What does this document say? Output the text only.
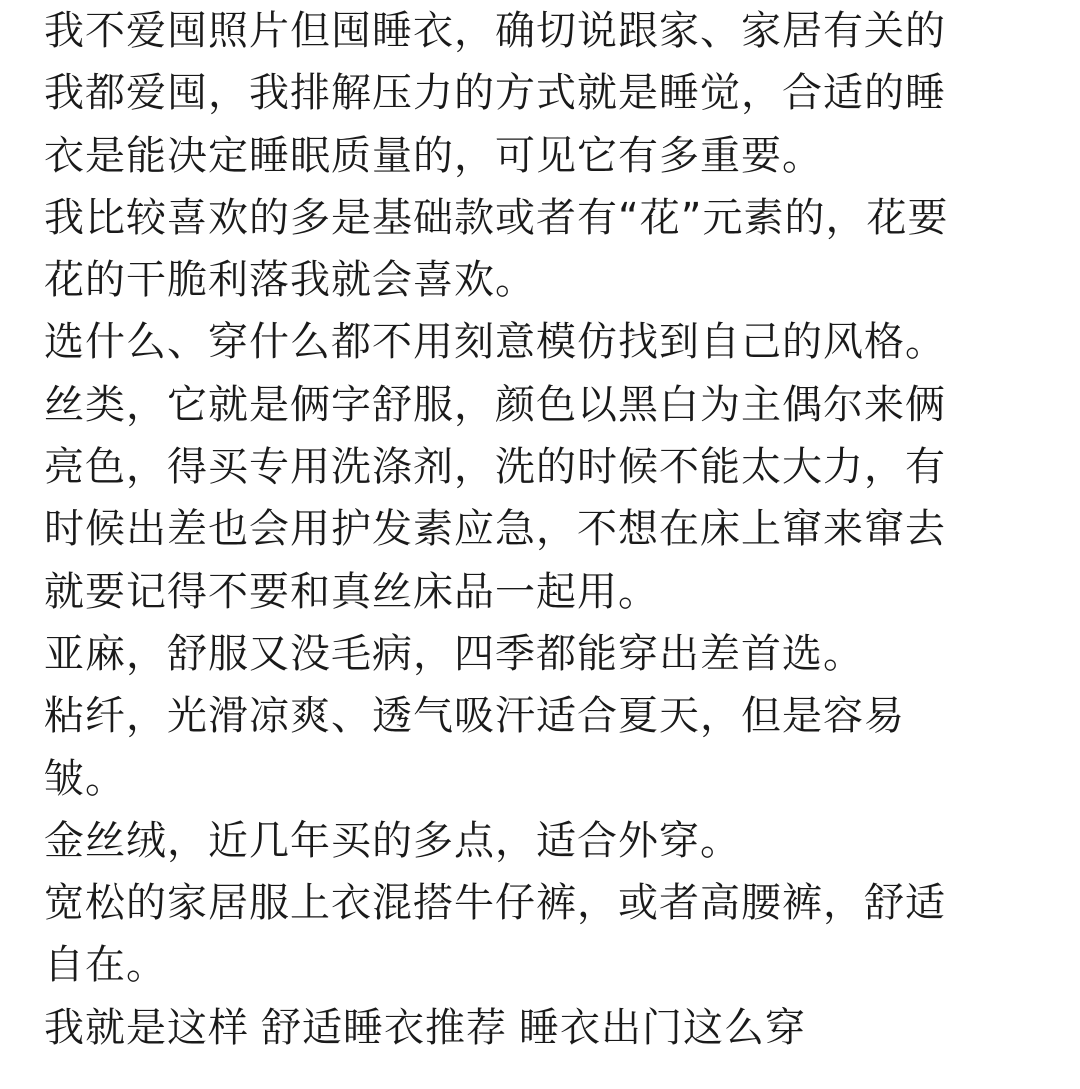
我不爱囤照片但囤睡衣，确切说跟家、家居有关的
我都爱囤，我排解压力的方式就是睡觉，合适的睡
衣是能决定睡眠质量的，可见它有多重要。
我比较喜欢的多是基础款或者有“花”元素的，花要
花的干脆利落我就会喜欢。
选什么、穿什么都不用刻意模仿找到自己的风格。
丝类，它就是俩字舒服，颜色以黑白为主偶尔来俩
亮色，得买专用洗涤剂，洗的时候不能太大力，有
时候出差也会用护发素应急，不想在床上窜来窜去
就要记得不要和真丝床品一起用。
亚麻，舒服又没毛病，四季都能穿出差首选。
粘纤，光滑凉爽、透气吸汗适合夏天，但是容易
皱。
金丝绒，近几年买的多点，适合外穿。
宽松的家居服上衣混搭牛仔裤，或者高腰裤，舒适
自在。
我就是这样 舒适睡衣推荐 睡衣出门这么穿
